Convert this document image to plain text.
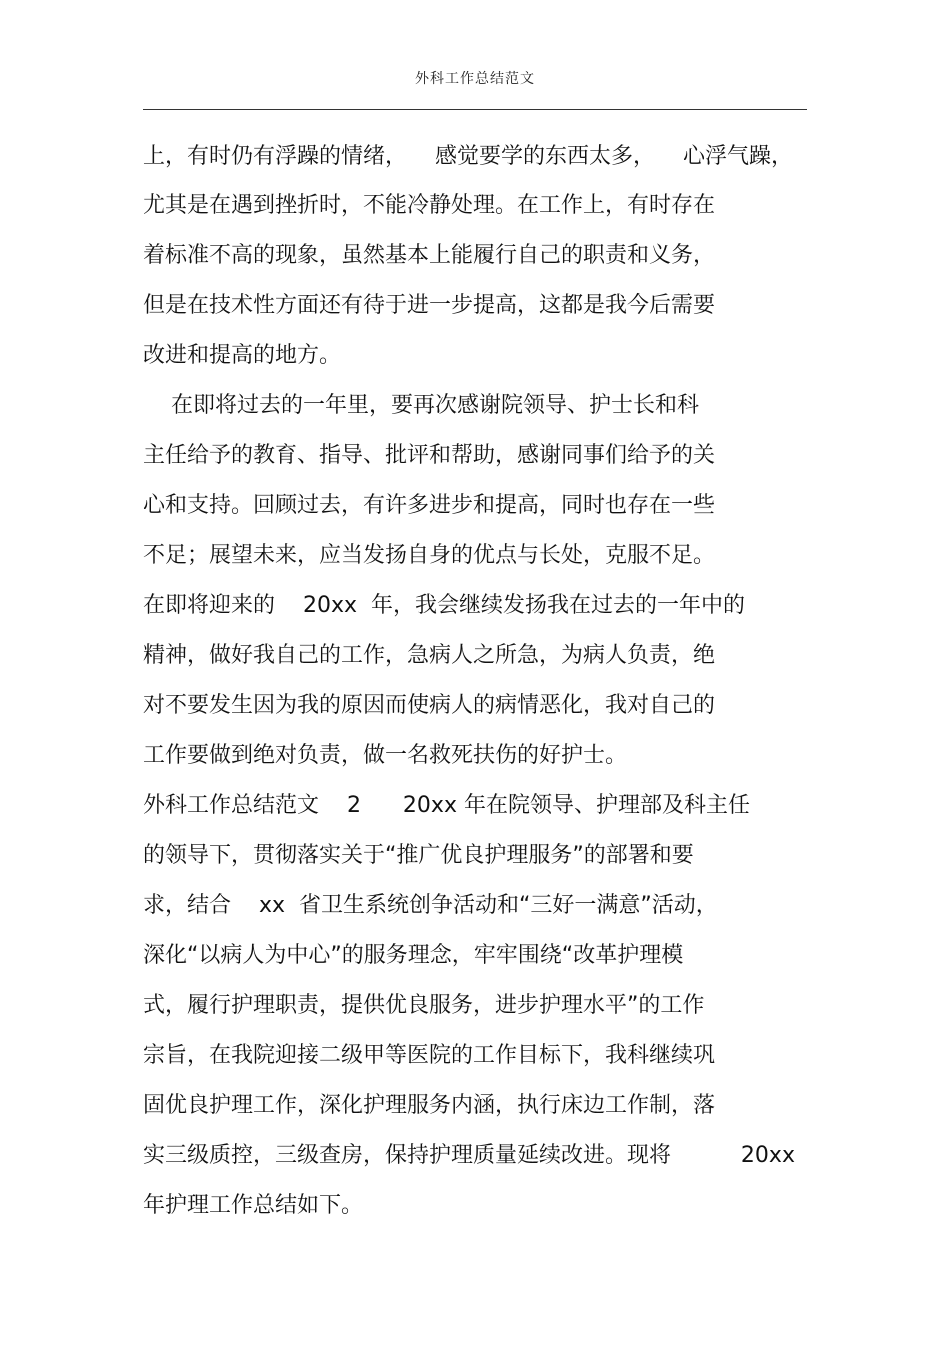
外科工作总结范文
上，有时仍有浮躁的情绪，    感觉要学的东西太多，    心浮气躁，
尤其是在遇到挫折时，不能冷静处理。在工作上，有时存在
着标准不高的现象，虽然基本上能履行自己的职责和义务，
但是在技术性方面还有待于进一步提高，这都是我今后需要
改进和提高的地方。
在即将过去的一年里，要再次感谢院领导、护士长和科
主任给予的教育、指导、批评和帮助，感谢同事们给予的关
心和支持。回顾过去，有许多进步和提高，同时也存在一些
不足；展望未来，应当发扬自身的优点与长处，克服不足。
在即将迎来的    20xx  年，我会继续发扬我在过去的一年中的
精神，做好我自己的工作，急病人之所急，为病人负责，绝
对不要发生因为我的原因而使病人的病情恶化，我对自己的
工作要做到绝对负责，做一名救死扶伤的好护士。
外科工作总结范文    2      20xx 年在院领导、护理部及科主任
的领导下，贯彻落实关于“推广优良护理服务”的部署和要
求，结合    xx  省卫生系统创争活动和“三好一满意”活动，
深化“以病人为中心”的服务理念，牢牢围绕“改革护理模
式，履行护理职责，提供优良服务，进步护理水平”的工作
宗旨，在我院迎接二级甲等医院的工作目标下，我科继续巩
固优良护理工作，深化护理服务内涵，执行床边工作制，落
实三级质控，三级查房，保持护理质量延续改进。现将          20xx
年护理工作总结如下。
